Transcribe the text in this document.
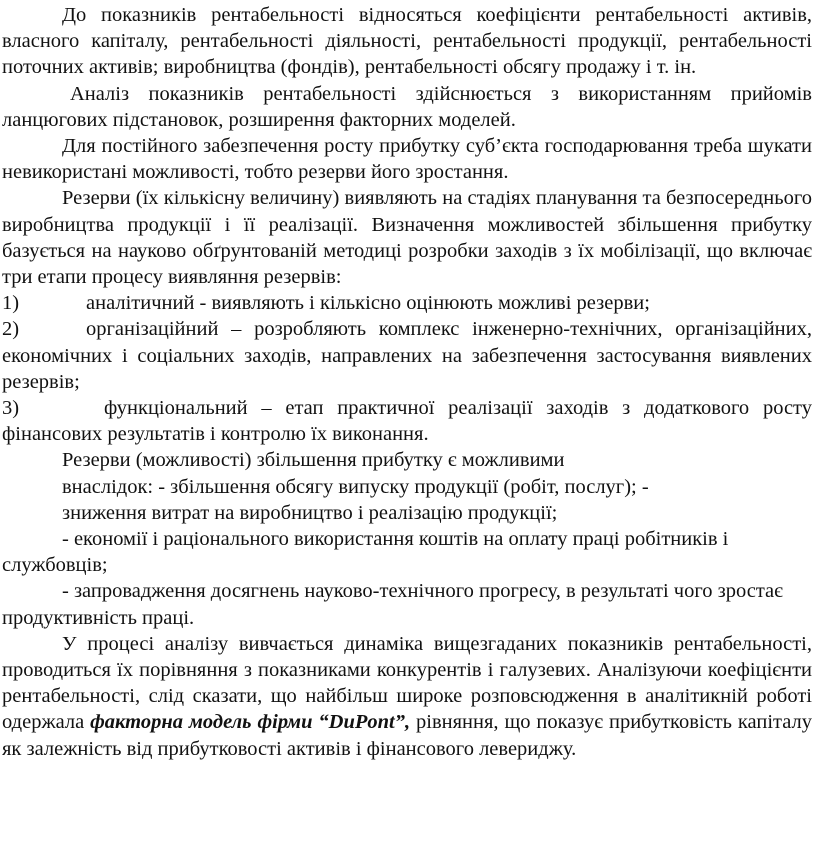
До показників рентабельності відносяться коефіцієнти рентабельності активів, власного капіталу, рентабельності діяльності, рентабельності продукції, рентабельності поточних активів; виробництва (фондів), рентабельності обсягу продажу і т. ін.

Аналіз показників рентабельності здійснюється з використанням прийомів ланцюгових підстановок, розширення факторних моделей.

Для постійного забезпечення росту прибутку суб’єкта господарювання треба шукати невикористані можливості, тобто резерви його зростання.

Резерви (їх кількісну величину) виявляють на стадіях планування та безпосереднього виробництва продукції і її реалізації. Визначення можливостей збільшення прибутку базується на науково обґрунтованій методиці розробки заходів з їх мобілізації, що включає три етапи процесу виявляння резервів:

1)	аналітичний - виявляють і кількісно оцінюють можливі резерви;

2)	організаційний – розробляють комплекс інженерно-технічних, організаційних, економічних і соціальних заходів, направлених на забезпечення застосування виявлених резервів;

3)	функціональний – етап практичної реалізації заходів з додаткового росту фінансових результатів і контролю їх виконання.

Резерви (можливості) збільшення прибутку є можливими

внаслідок: - збільшення обсягу випуску продукції (робіт, послуг); -

зниження витрат на виробництво і реалізацію продукції;

- економії і раціонального використання коштів на оплату праці робітників і службовців;

- запровадження досягнень науково-технічного прогресу, в результаті чого зростає продуктивність праці.

У процесі аналізу вивчається динаміка вищезгаданих показників рентабельності, проводиться їх порівняння з показниками конкурентів і галузевих. Аналізуючи коефіцієнти рентабельності, слід сказати, що найбільш широке розповсюдження в аналітикній роботі одержала факторна модель фірми “DuPont”, рівняння, що показує прибутковість капіталу як залежність від прибутковості активів і фінансового левериджу.
